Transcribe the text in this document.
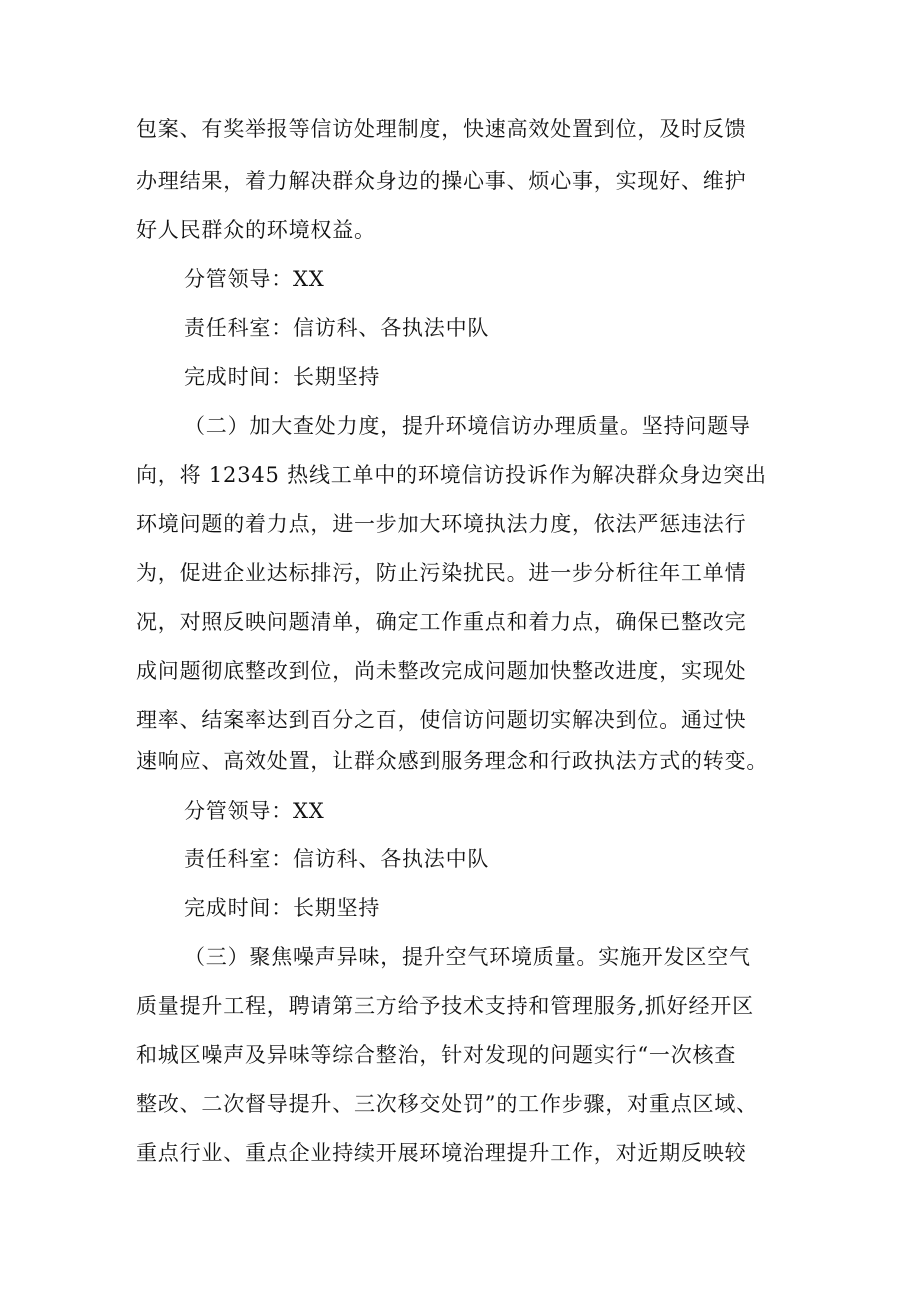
包案、有奖举报等信访处理制度，快速高效处置到位，及时反馈
办理结果，着力解决群众身边的操心事、烦心事，实现好、维护
好人民群众的环境权益。
分管领导：XX
责任科室：信访科、各执法中队
完成时间：长期坚持
（二）加大查处力度，提升环境信访办理质量。坚持问题导
向，将 12345 热线工单中的环境信访投诉作为解决群众身边突出
环境问题的着力点，进一步加大环境执法力度，依法严惩违法行
为，促进企业达标排污，防止污染扰民。进一步分析往年工单情
况，对照反映问题清单，确定工作重点和着力点，确保已整改完
成问题彻底整改到位，尚未整改完成问题加快整改进度，实现处
理率、结案率达到百分之百，使信访问题切实解决到位。通过快
速响应、高效处置，让群众感到服务理念和行政执法方式的转变。
分管领导：XX
责任科室：信访科、各执法中队
完成时间：长期坚持
（三）聚焦噪声异味，提升空气环境质量。实施开发区空气
质量提升工程，聘请第三方给予技术支持和管理服务,抓好经开区
和城区噪声及异味等综合整治，针对发现的问题实行“一次核查
整改、二次督导提升、三次移交处罚”的工作步骤，对重点区域、
重点行业、重点企业持续开展环境治理提升工作，对近期反映较
